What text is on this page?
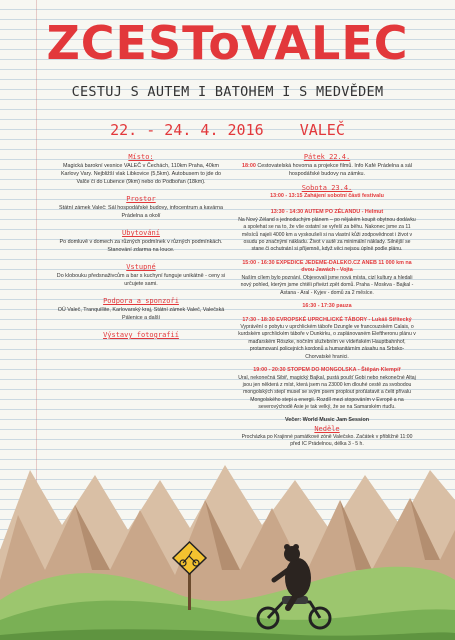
ZCESToVALEC
CESTUJ S AUTEM I BATOHEM I S MEDVĚDEM
22. - 24. 4. 2016 VALEČ

Místo:

Magická barokní vesnice VALEČ v Čechách, 110km Praha, 40km Karlovy Vary. Nejbližší vlak Libkovice (5,5km). Autobusem to jde do Valče či do Lubence (9km) nebo do Podbořan (18km).

Prostor

Státní zámek Valeč: Sál hospodářské budovy, infocentrum a kavárna Prádelna a okolí

Ubytování

Po domluvě v domech za různých podmínek v různých podmínkách. Stanování zdarma na louce.

Vstupné

Do klobouku předsnaživcům a bar s kuchyní funguje unikátně - ceny si určujete sami.

Podpora a sponzoři

OÚ Valeč, Tranquillite, Karlovarský kraj, Státní zámek Valeč, Valečská Pálenice a další

Výstavy fotografií

Pátek 22.4.

18:00 Cestovatelská hovorna a projekce filmů. Info Kafé Prádelna a sál hospodářské budovy na zámku.

Sobota 23.4.

13:00 - 13:15 Zahájení sobotní části festivalu

13:30 - 14:30 AUTEM PO ZÉLANDU - Helmut

Na Nový Zéland s jednoduchým plánem – po nějakém koupit obytnou dodávku a spolehat se na to, že vše ostatní se vyřeší za běhu. Nakonec jsme za 11 měsíců najeli 4000 km a vyskoušeli si na vlastní kůži zodpovědnost i život v osudu po značnými nákladu. Život v autě za minimální náklady. Silnější se stane či ochutnání si příjemně, když věci nejsou úplně podle plánu.

15:00 - 16:30 EXPEDICE JEDEME-DALEKO.CZ ANEB 11 000 km na dvou Jawách - Vojta

Naším cílem bylo poznání. Objevovali jsme nová místa, cizí kultury a hledali nový pohled, kterým jsme chtěli přivézt zpět domů. Praha - Moskva - Bajkal - Astana - Aral - Kyjev - domů za 2 měsíce.

16:30 - 17:30 pauza

17:30 - 18:30 EVROPSKÉ UPRCHLICKÉ TÁBORY - Lukáš Střítecký

Vyprávění o pobytu v uprchlickém táboře Dzungle ve francouzském Calais, o kurdském uprchlickém táboře v Dunkirku, o zaplánovaném Eleftheronu plánu v maďarském Röszke, nočním služebním ve vídeňském Hauptbahnhof, protamovaní policejních kordonů a humanitárním zásahu na Srbsko-Chorvatské hranici.

19:00 - 20:30 STOPEM DO MONGOLSKA - Štěpán Klempíř

Ural, nekonečná Sibiř, magický Bajkal, pustá poušť Gobi nebo nekonečné Altaj jsou jen některá z míst, která jsem na 23000 km dlouhé cestě za svobodou mongolských stepí musel se svým psem proplout proťástavit a čelit přívalu Mongolského stepi a energii. Rozdíl mezi stopováním v Evropě a na severovýchodě Asie je tak velký, že se na Samarském rtuďu.

Večer: World Music Jam Session

Neděle

Procházka po Krajinné památkové zóně Valečsko. Začátek v přibližně 11:00 před IC Prádelnou, délka 3 - 5 h.
